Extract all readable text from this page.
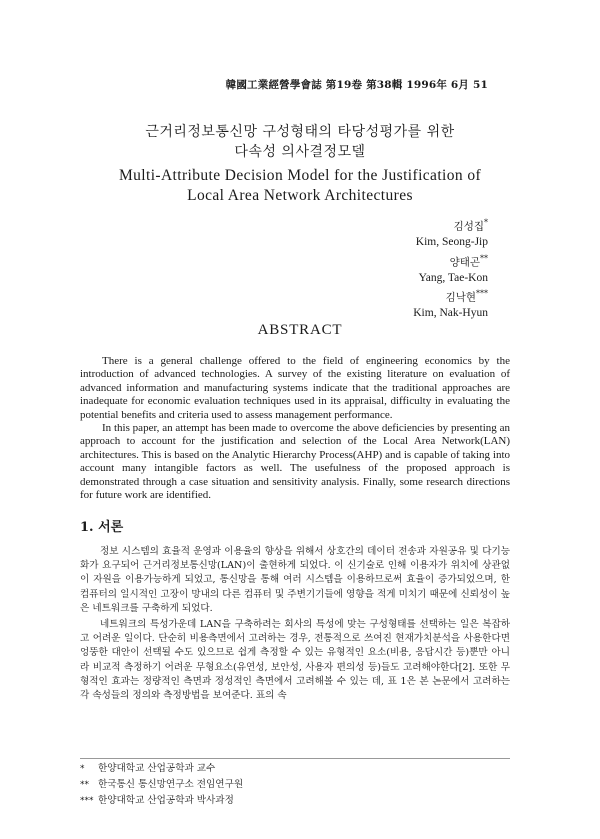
韓國工業經營學會誌 第19卷 第38輯 1996年 6月 51
근거리정보통신망 구성형태의 타당성평가를 위한
다속성 의사결정모델
Multi-Attribute Decision Model for the Justification of
Local Area Network Architectures
김성집*
Kim, Seong-Jip
양태곤**
Yang, Tae-Kon
김낙현***
Kim, Nak-Hyun
ABSTRACT

There is a general challenge offered to the field of engineering economics by the introduction of advanced technologies. A survey of the existing literature on evaluation of advanced information and manufacturing systems indicate that the traditional approaches are inadequate for economic evaluation techniques used in its appraisal, difficulty in evaluating the potential benefits and criteria used to assess management performance.

In this paper, an attempt has been made to overcome the above deficiencies by presenting an approach to account for the justification and selection of the Local Area Network(LAN) architectures. This is based on the Analytic Hierarchy Process(AHP) and is capable of taking into account many intangible factors as well. The usefulness of the proposed approach is demonstrated through a case situation and sensitivity analysis. Finally, some research directions for future work are identified.

1. 서론

정보 시스템의 효율적 운영과 이용율의 향상을 위해서 상호간의 데이터 전송과 자원공유 및 다기능화가 요구되어 근거리정보통신망(LAN)이 출현하게 되었다. 이 신기술로 인해 이용자가 위치에 상관없이 자원을 이용가능하게 되었고, 통신망을 통해 여러 시스템을 이용하므로써 효율이 증가되었으며, 한 컴퓨터의 일시적인 고장이 망내의 다른 컴퓨터 및 주변기기들에 영향을 적게 미치기 때문에 신뢰성이 높은 네트워크를 구축하게 되었다.

네트워크의 특성가운데 LAN을 구축하려는 회사의 특성에 맞는 구성형태를 선택하는 일은 복잡하고 어려운 일이다. 단순히 비용측면에서 고려하는 경우, 전통적으로 쓰여진 현재가치분석을 사용한다면 엉뚱한 대안이 선택될 수도 있으므로 쉽게 측정할 수 있는 유형적인 요소(비용, 응답시간 등)뿐만 아니라 비교적 측정하기 어려운 무형요소(유연성, 보안성, 사용자 편의성 등)들도 고려해야한다[2]. 또한 무형적인 효과는 정량적인 측면과 정성적인 측면에서 고려해볼 수 있는 데, 표 1은 본 논문에서 고려하는 각 속성들의 정의와 측정방법을 보여준다. 표의 속

* 한양대학교 산업공학과 교수
** 한국통신 통신망연구소 전임연구원
*** 한양대학교 산업공학과 박사과정
